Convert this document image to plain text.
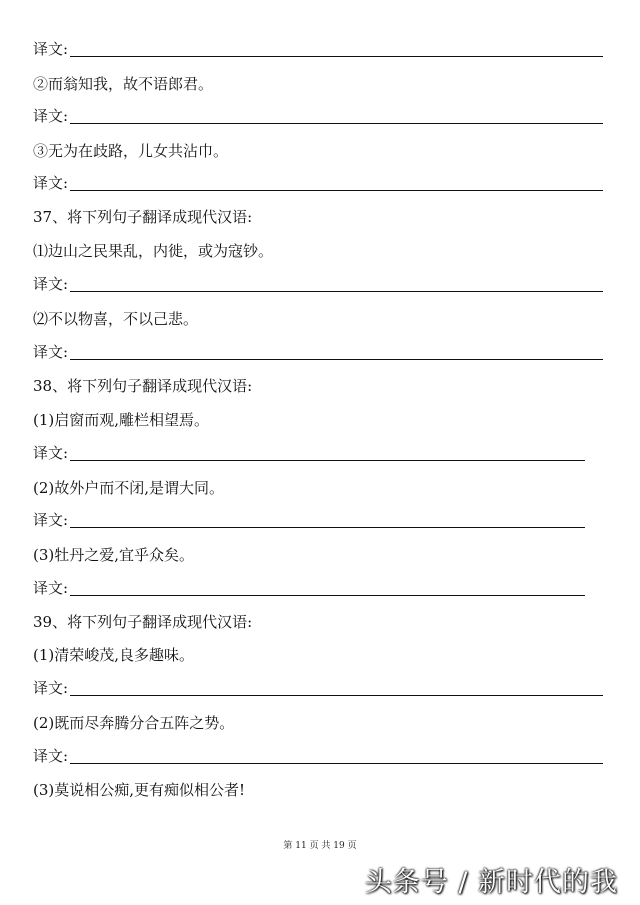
译文:
②而翁知我，故不语郎君。
译文:
③无为在歧路，儿女共沾巾。
译文:
37、将下列句子翻译成现代汉语:
⑴边山之民果乱，内徙，或为寇钞。
译文:
⑵不以物喜，不以己悲。
译文:
38、将下列句子翻译成现代汉语:
(1)启窗而观,雕栏相望焉。
译文:
(2)故外户而不闭,是谓大同。
译文:
(3)牡丹之爱,宜乎众矣。
译文:
39、将下列句子翻译成现代汉语:
(1)清荣峻茂,良多趣味。
译文:
(2)既而尽奔腾分合五阵之势。
译文:
(3)莫说相公痴,更有痴似相公者!
第 11 页 共 19 页
头条号 / 新时代的我
